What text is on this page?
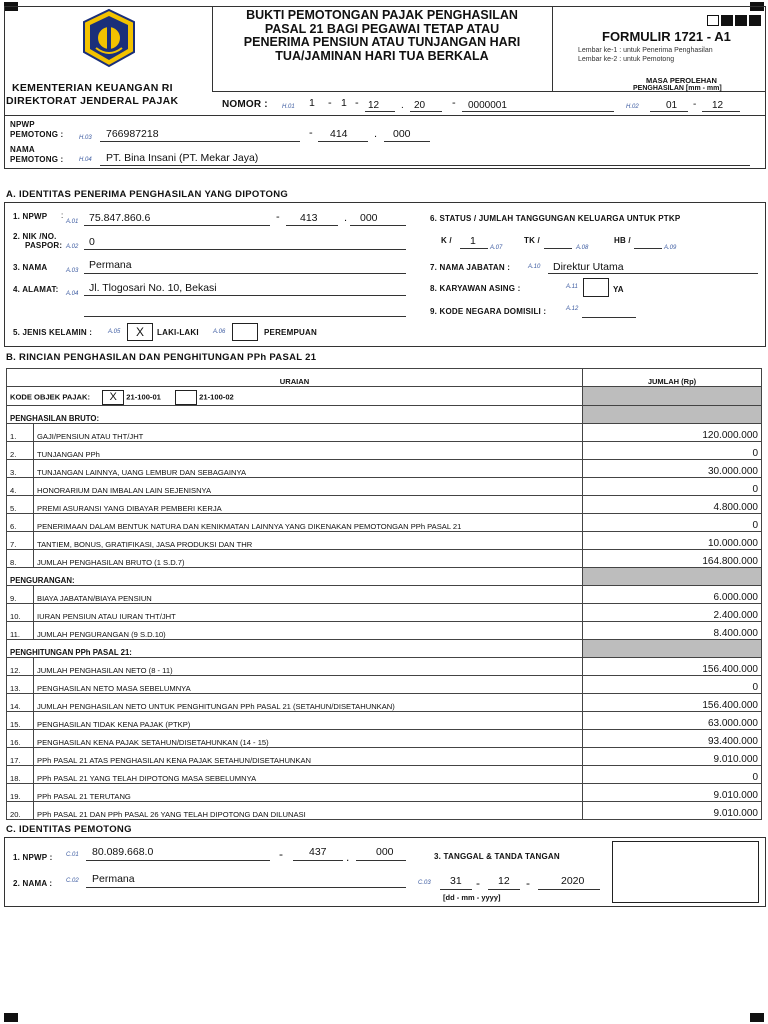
KEMENTERIAN KEUANGAN RI
DIREKTORAT JENDERAL PAJAK
BUKTI PEMOTONGAN PAJAK PENGHASILAN
PASAL 21 BAGI PEGAWAI TETAP ATAU
PENERIMA PENSIUN ATAU TUNJANGAN HARI
TUA/JAMINAN HARI TUA BERKALA
FORMULIR 1721 - A1
Lembar ke-1 : untuk Penerima Penghasilan
Lembar ke-2 : untuk Pemotong
MASA PEROLEHAN
PENGHASILAN [mm - mm]
NOMOR : H.01 1 - 1 - 12 . 20 - 0000001	H.02	01 - 12
NPWP
PEMOTONG :	H.03 766987218	- 414 . 000
NAMA
PEMOTONG :	H.04 PT. Bina Insani (PT. Mekar Jaya)
A. IDENTITAS PENERIMA PENGHASILAN YANG DIPOTONG
1. NPWP
A.01
: 75.847.860.6	- 413 . 000
2. NIK /NO.
PASPOR: A.02 0
3. NAMA	A.03 Permana
4. ALAMAT: A.04 Jl. Tlogosari No. 10, Bekasi
5. JENIS KELAMIN :	A.05	X	LAKI-LAKI A.06	PEREMPUAN
6. STATUS / JUMLAH TANGGUNGAN KELUARGA UNTUK PTKP
K / 1
A.07
TK /
A.08
HB /
A.09
7. NAMA JABATAN :	A.10 Direktur Utama
8. KARYAWAN ASING :	A.11	YA
9. KODE NEGARA DOMISILI :	A.12
B. RINCIAN PENGHASILAN DAN PENGHITUNGAN PPh PASAL 21
URAIAN		JUMLAH (Rp)
KODE OBJEK PAJAK: X 21-100-01 21-100-02		
PENGHASILAN BRUTO:		
1.	GAJI/PENSIUN ATAU THT/JHT	120.000.000
2.	TUNJANGAN PPh	0
3.	TUNJANGAN LAINNYA, UANG LEMBUR DAN SEBAGAINYA	30.000.000
4.	HONORARIUM DAN IMBALAN LAIN SEJENISNYA	0
5.	PREMI ASURANSI YANG DIBAYAR PEMBERI KERJA	4.800.000
6.	PENERIMAAN DALAM BENTUK NATURA DAN KENIKMATAN LAINNYA YANG DIKENAKAN PEMOTONGAN PPh PASAL 21	0
7.	TANTIEM, BONUS, GRATIFIKASI, JASA PRODUKSI DAN THR	10.000.000
8.	JUMLAH PENGHASILAN BRUTO (1 S.D.7)	164.800.000
PENGURANGAN:		
9.	BIAYA JABATAN/BIAYA PENSIUN	6.000.000
10.	IURAN PENSIUN ATAU IURAN THT/JHT	2.400.000
11.	JUMLAH PENGURANGAN (9 S.D.10)	8.400.000
PENGHITUNGAN PPh PASAL 21:		
12.	JUMLAH PENGHASILAN NETO (8 - 11)	156.400.000
13.	PENGHASILAN NETO MASA SEBELUMNYA	0
14.	JUMLAH PENGHASILAN NETO UNTUK PENGHITUNGAN PPh PASAL 21 (SETAHUN/DISETAHUNKAN)	156.400.000
15.	PENGHASILAN TIDAK KENA PAJAK (PTKP)	63.000.000
16.	PENGHASILAN KENA PAJAK SETAHUN/DISETAHUNKAN (14 - 15)	93.400.000
17.	PPh PASAL 21 ATAS PENGHASILAN KENA PAJAK SETAHUN/DISETAHUNKAN	9.010.000
18.	PPh PASAL 21 YANG TELAH DIPOTONG MASA SEBELUMNYA	0
19.	PPh PASAL 21 TERUTANG	9.010.000
20.	PPh PASAL 21 DAN PPh PASAL 26 YANG TELAH DIPOTONG DAN DILUNASI	9.010.000
C. IDENTITAS PEMOTONG
1. NPWP : C.01 80.089.668.0	- 437 .	000
2. NAMA : C.02 Permana
3. TANGGAL & TANDA TANGAN
C.03 31 - 12 -	2020
[dd - mm - yyyy]
